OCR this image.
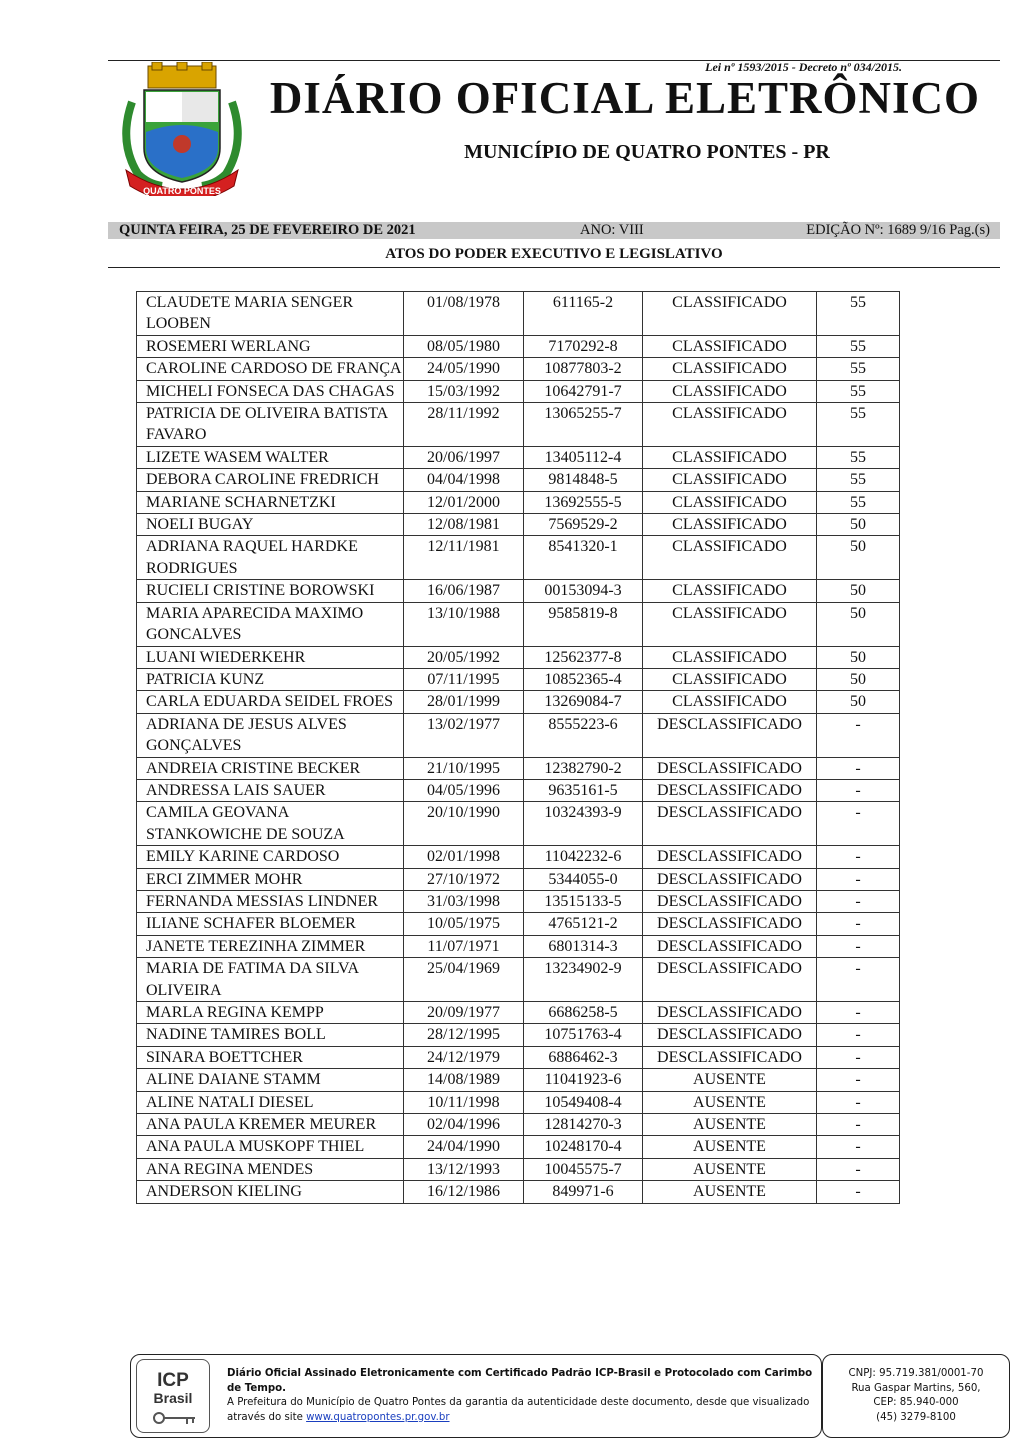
Lei nº 1593/2015 - Decreto nº 034/2015.
QUATRO PONTES
DIÁRIO OFICIAL ELETRÔNICO
MUNICÍPIO DE QUATRO PONTES - PR
QUINTA FEIRA, 25 DE FEVEREIRO DE 2021	ANO: VIII	EDIÇÃO Nº: 1689 9/16 Pag.(s)
ATOS DO PODER EXECUTIVO E LEGISLATIVO
CLAUDETE MARIA SENGER LOOBEN	01/08/1978	611165-2	CLASSIFICADO	55
ROSEMERI WERLANG	08/05/1980	7170292-8	CLASSIFICADO	55
CAROLINE CARDOSO DE FRANÇA	24/05/1990	10877803-2	CLASSIFICADO	55
MICHELI FONSECA DAS CHAGAS	15/03/1992	10642791-7	CLASSIFICADO	55
PATRICIA DE OLIVEIRA BATISTA FAVARO	28/11/1992	13065255-7	CLASSIFICADO	55
LIZETE WASEM WALTER	20/06/1997	13405112-4	CLASSIFICADO	55
DEBORA CAROLINE FREDRICH	04/04/1998	9814848-5	CLASSIFICADO	55
MARIANE SCHARNETZKI	12/01/2000	13692555-5	CLASSIFICADO	55
NOELI BUGAY	12/08/1981	7569529-2	CLASSIFICADO	50
ADRIANA RAQUEL HARDKE RODRIGUES	12/11/1981	8541320-1	CLASSIFICADO	50
RUCIELI CRISTINE BOROWSKI	16/06/1987	00153094-3	CLASSIFICADO	50
MARIA APARECIDA MAXIMO GONCALVES	13/10/1988	9585819-8	CLASSIFICADO	50
LUANI WIEDERKEHR	20/05/1992	12562377-8	CLASSIFICADO	50
PATRICIA KUNZ	07/11/1995	10852365-4	CLASSIFICADO	50
CARLA EDUARDA SEIDEL FROES	28/01/1999	13269084-7	CLASSIFICADO	50
ADRIANA DE JESUS ALVES GONÇALVES	13/02/1977	8555223-6	DESCLASSIFICADO	-
ANDREIA CRISTINE BECKER	21/10/1995	12382790-2	DESCLASSIFICADO	-
ANDRESSA LAIS SAUER	04/05/1996	9635161-5	DESCLASSIFICADO	-
CAMILA GEOVANA STANKOWICHE DE SOUZA	20/10/1990	10324393-9	DESCLASSIFICADO	-
EMILY KARINE CARDOSO	02/01/1998	11042232-6	DESCLASSIFICADO	-
ERCI ZIMMER MOHR	27/10/1972	5344055-0	DESCLASSIFICADO	-
FERNANDA MESSIAS LINDNER	31/03/1998	13515133-5	DESCLASSIFICADO	-
ILIANE SCHAFER BLOEMER	10/05/1975	4765121-2	DESCLASSIFICADO	-
JANETE TEREZINHA ZIMMER	11/07/1971	6801314-3	DESCLASSIFICADO	-
MARIA DE FATIMA DA SILVA OLIVEIRA	25/04/1969	13234902-9	DESCLASSIFICADO	-
MARLA REGINA KEMPP	20/09/1977	6686258-5	DESCLASSIFICADO	-
NADINE TAMIRES BOLL	28/12/1995	10751763-4	DESCLASSIFICADO	-
SINARA BOETTCHER	24/12/1979	6886462-3	DESCLASSIFICADO	-
ALINE DAIANE STAMM	14/08/1989	11041923-6	AUSENTE	-
ALINE NATALI DIESEL	10/11/1998	10549408-4	AUSENTE	-
ANA PAULA KREMER MEURER	02/04/1996	12814270-3	AUSENTE	-
ANA PAULA MUSKOPF THIEL	24/04/1990	10248170-4	AUSENTE	-
ANA REGINA MENDES	13/12/1993	10045575-7	AUSENTE	-
ANDERSON KIELING	16/12/1986	849971-6	AUSENTE	-
ICP
Brasil
Diário Oficial Assinado Eletronicamente com Certificado Padrão ICP-Brasil e Protocolado com Carimbo de Tempo.
A Prefeitura do Município de Quatro Pontes da garantia da autenticidade deste documento, desde que visualizado
através do site www.quatropontes.pr.gov.br
CNPJ: 95.719.381/0001-70
Rua Gaspar Martins, 560,
CEP: 85.940-000
(45) 3279-8100
